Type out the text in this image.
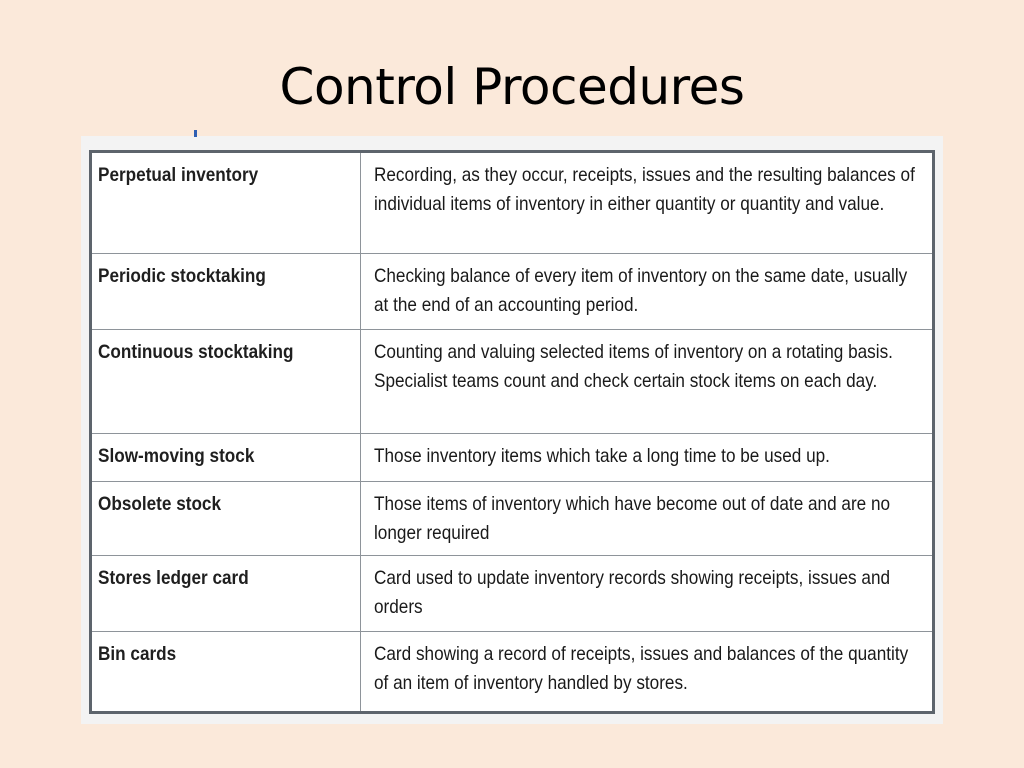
Control Procedures
Perpetual inventory	Recording, as they occur, receipts, issues and the resulting balances of individual items of inventory in either quantity or quantity and value.
Periodic stocktaking	Checking balance of every item of inventory on the same date, usually at the end of an accounting period.
Continuous stocktaking	Counting and valuing selected items of inventory on a rotating basis. Specialist teams count and check certain stock items on each day.
Slow-moving stock	Those inventory items which take a long time to be used up.
Obsolete stock	Those items of inventory which have become out of date and are no longer required
Stores ledger card	Card used to update inventory records showing receipts, issues and orders
Bin cards	Card showing a record of receipts, issues and balances of the quantity of an item of inventory handled by stores.
